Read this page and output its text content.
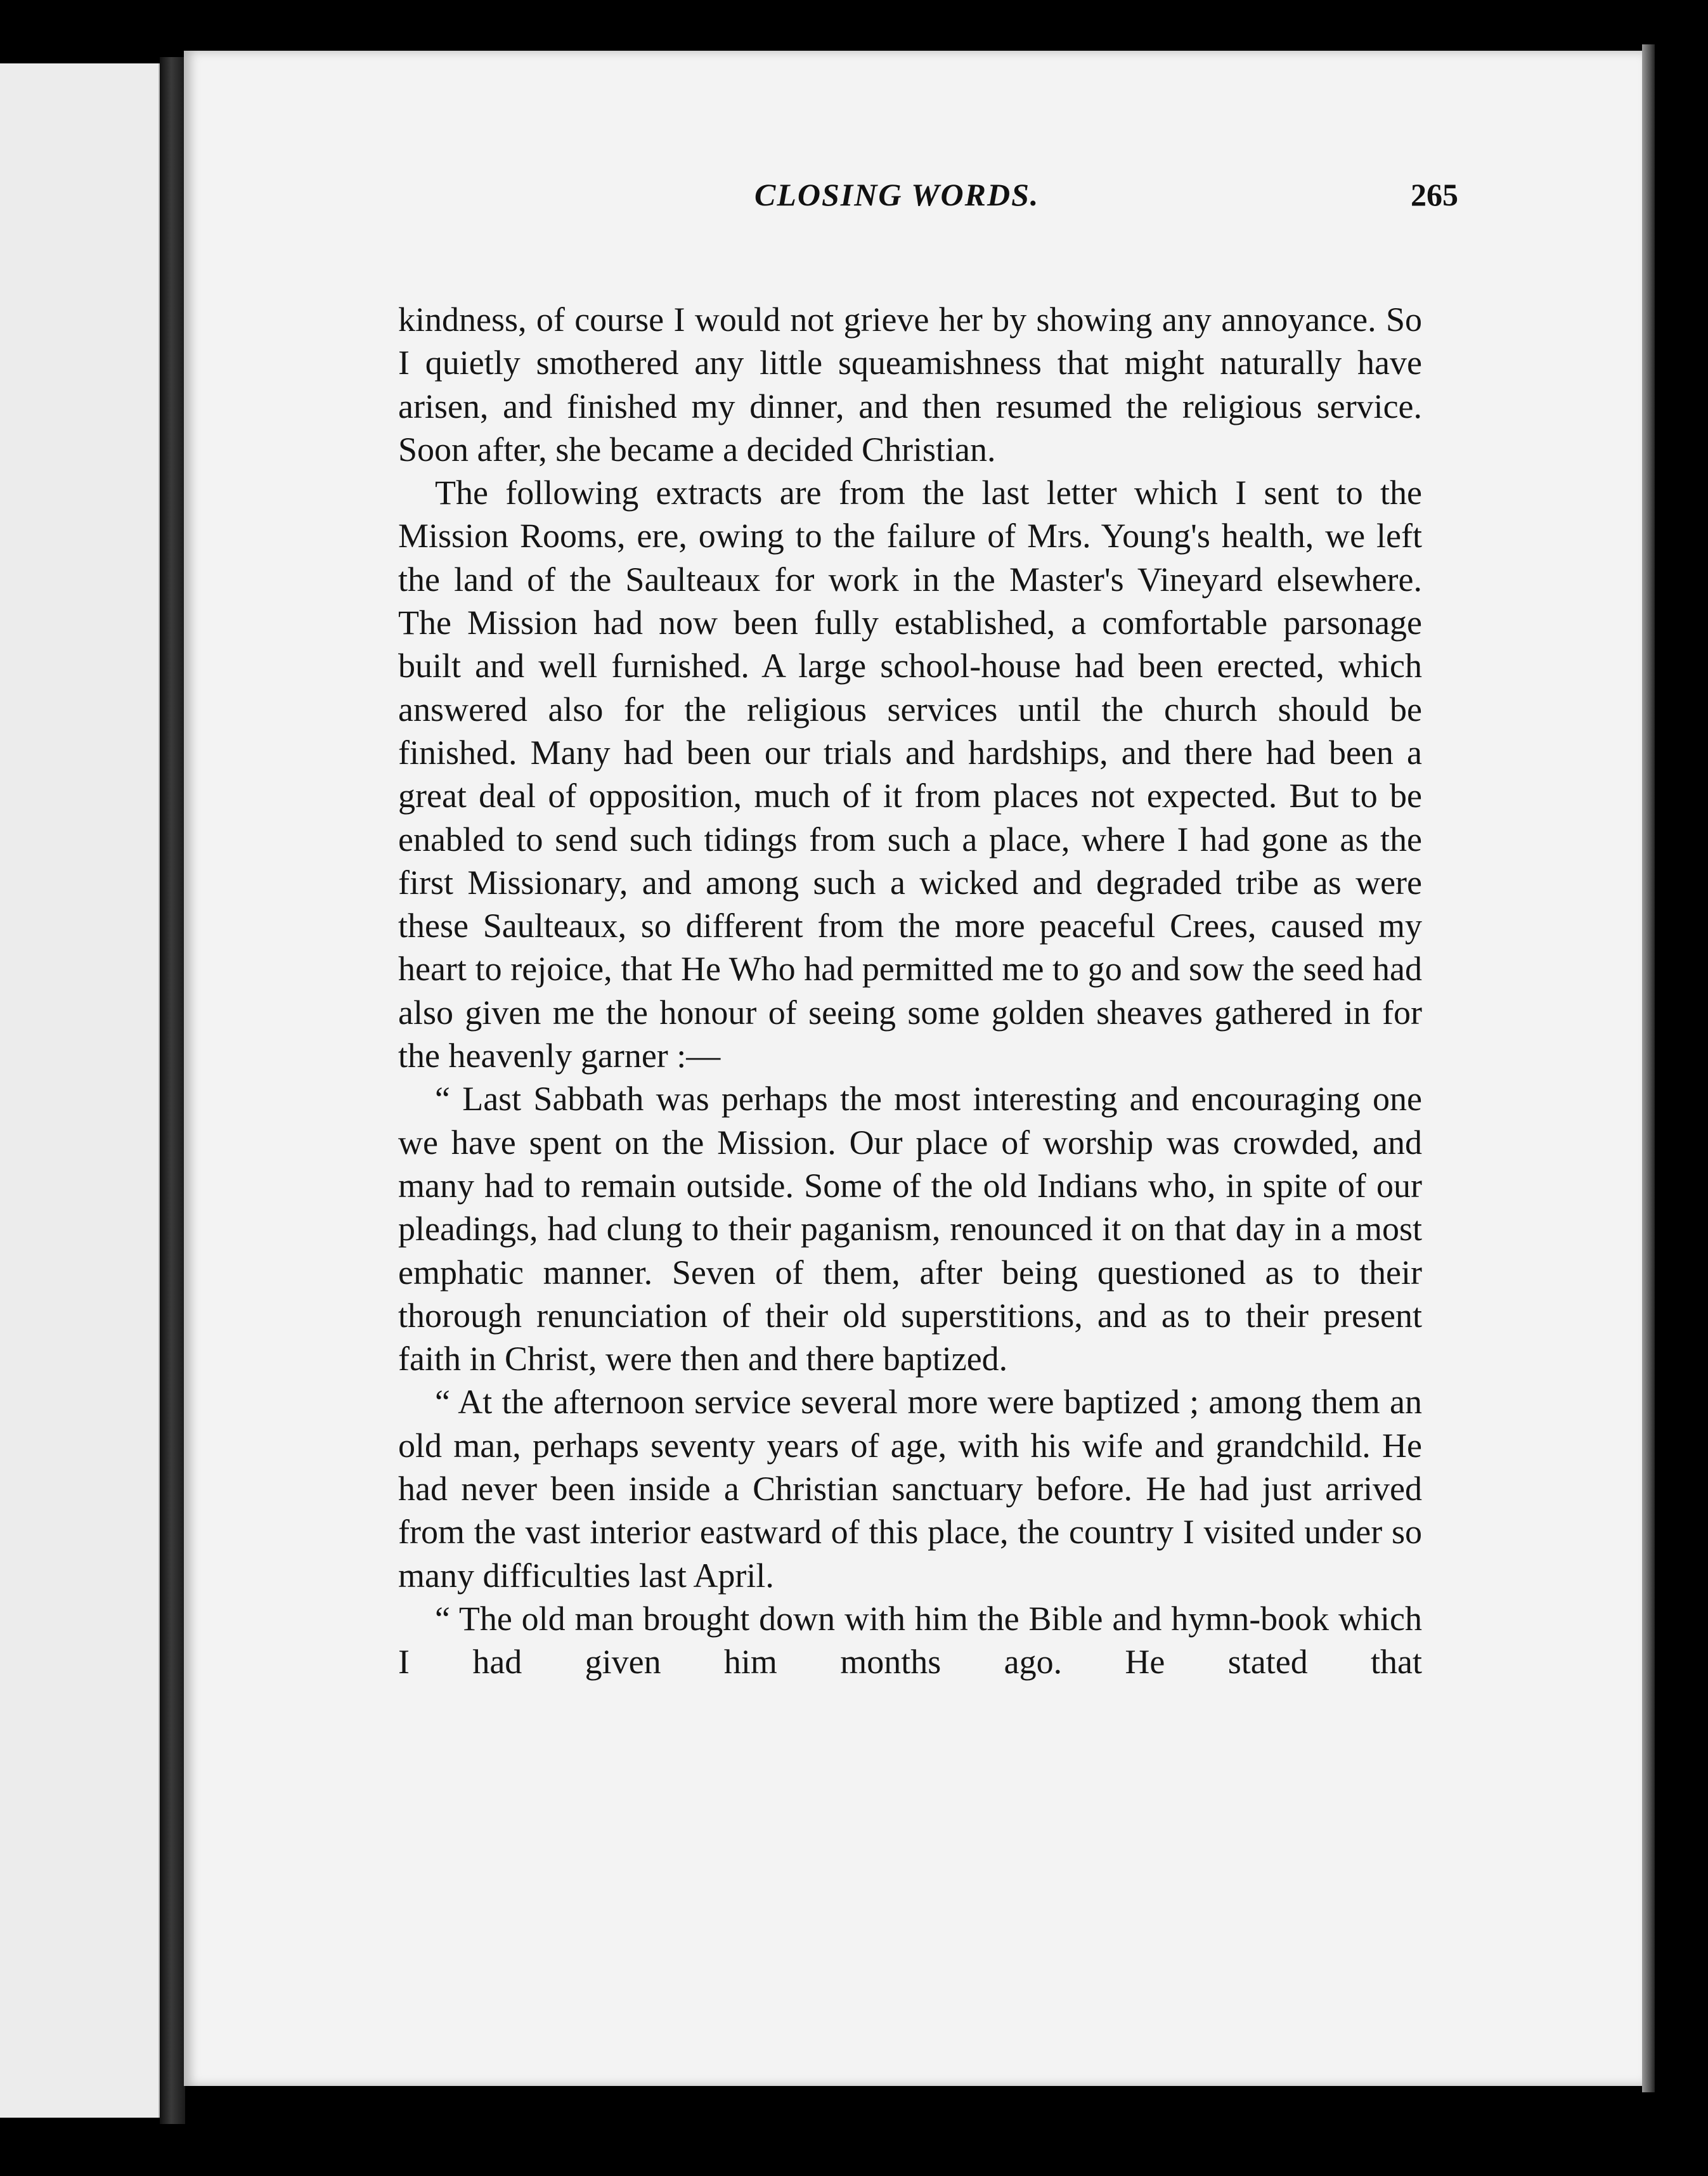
CLOSING WORDS.	265

kindness, of course I would not grieve her by showing any annoyance. So I quietly smothered any little squeamishness that might naturally have arisen, and finished my dinner, and then resumed the religious service. Soon after, she became a decided Christian.

The following extracts are from the last letter which I sent to the Mission Rooms, ere, owing to the failure of Mrs. Young's health, we left the land of the Saulteaux for work in the Master's Vineyard elsewhere. The Mission had now been fully established, a comfortable parsonage built and well furnished. A large school-house had been erected, which answered also for the religious services until the church should be finished. Many had been our trials and hardships, and there had been a great deal of opposition, much of it from places not expected. But to be enabled to send such tidings from such a place, where I had gone as the first Missionary, and among such a wicked and degraded tribe as were these Saulteaux, so different from the more peaceful Crees, caused my heart to rejoice, that He Who had permitted me to go and sow the seed had also given me the honour of seeing some golden sheaves gathered in for the heavenly garner :—

“ Last Sabbath was perhaps the most interesting and encouraging one we have spent on the Mission. Our place of worship was crowded, and many had to remain outside. Some of the old Indians who, in spite of our pleadings, had clung to their paganism, renounced it on that day in a most emphatic manner. Seven of them, after being questioned as to their thorough renunciation of their old superstitions, and as to their present faith in Christ, were then and there baptized.

“ At the afternoon service several more were baptized ; among them an old man, perhaps seventy years of age, with his wife and grandchild. He had never been inside a Christian sanctuary before. He had just arrived from the vast interior eastward of this place, the country I visited under so many difficulties last April.

“ The old man brought down with him the Bible and hymn-book which I had given him months ago. He stated that
